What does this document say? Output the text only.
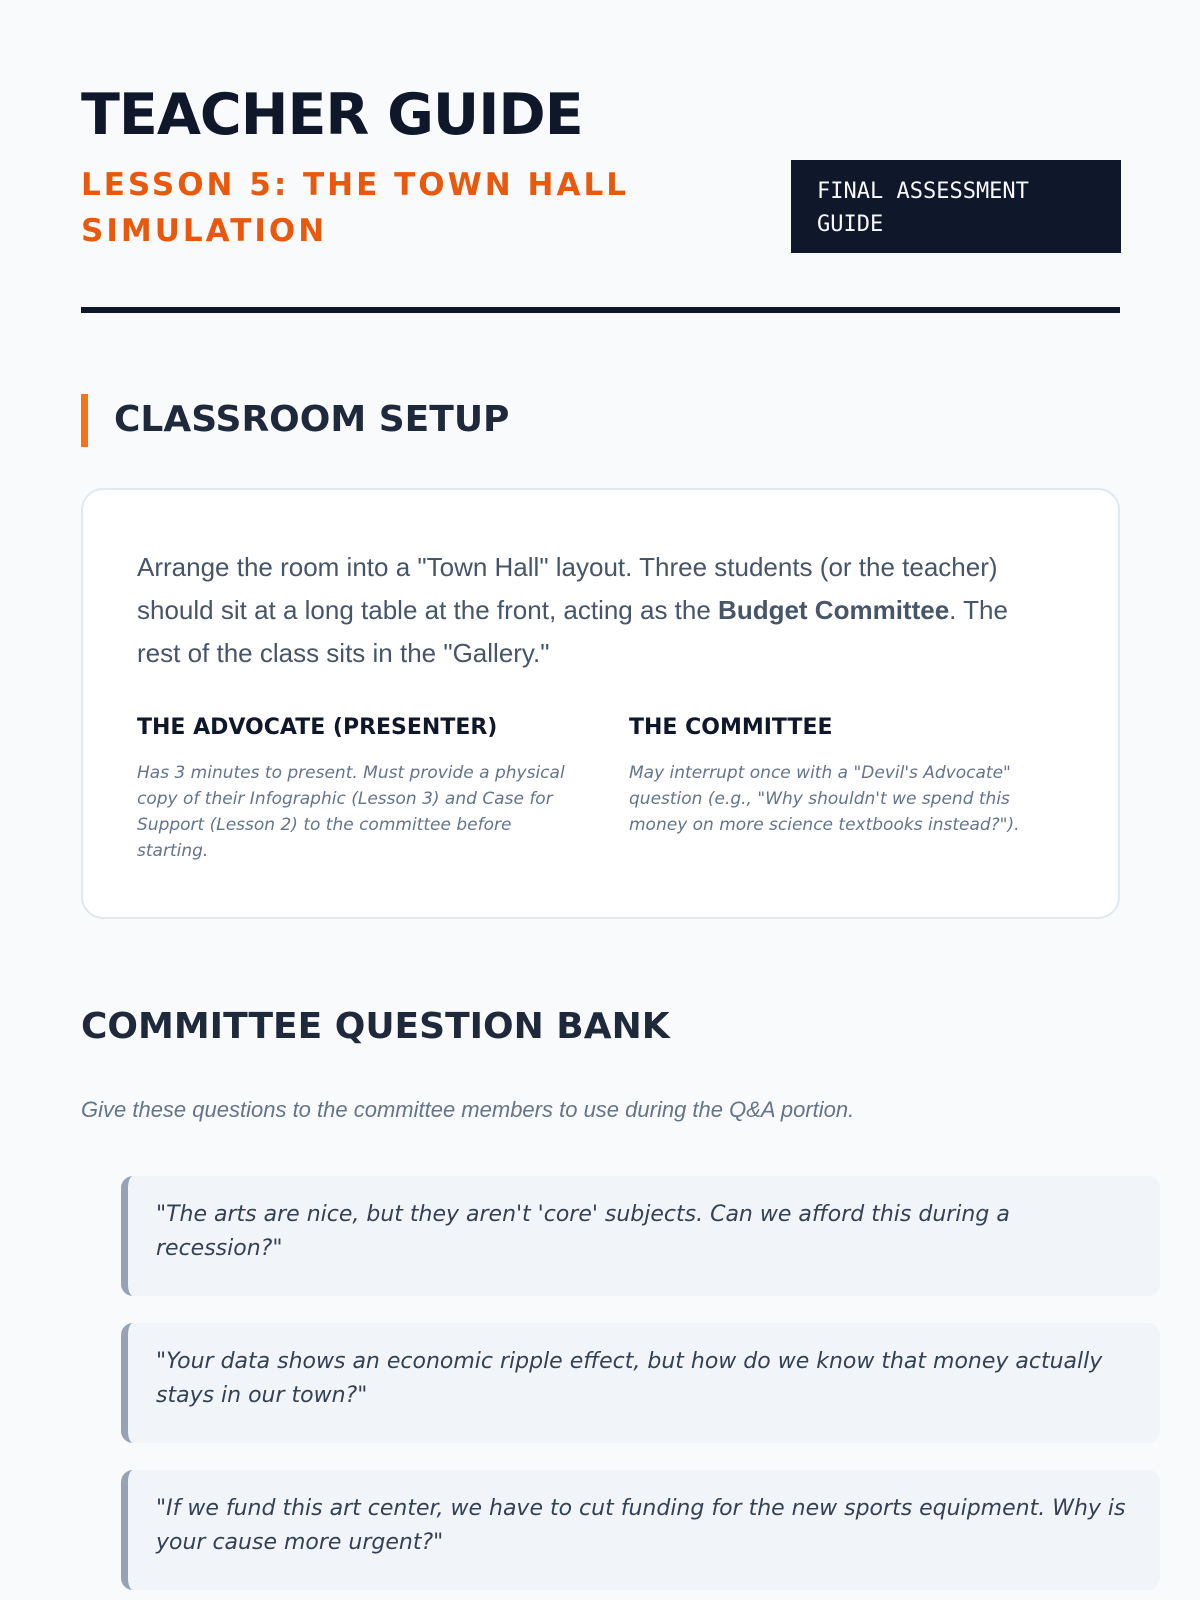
TEACHER GUIDE
LESSON 5: THE TOWN HALL SIMULATION
FINAL ASSESSMENT GUIDE
CLASSROOM SETUP

Arrange the room into a "Town Hall" layout. Three students (or the teacher) should sit at a long table at the front, acting as the Budget Committee. The rest of the class sits in the "Gallery."

THE ADVOCATE (PRESENTER)

Has 3 minutes to present. Must provide a physical copy of their Infographic (Lesson 3) and Case for Support (Lesson 2) to the committee before starting.

THE COMMITTEE

May interrupt once with a "Devil's Advocate" question (e.g., "Why shouldn't we spend this money on more science textbooks instead?").

COMMITTEE QUESTION BANK

Give these questions to the committee members to use during the Q&A portion.

"The arts are nice, but they aren't 'core' subjects. Can we afford this during a recession?"
"Your data shows an economic ripple effect, but how do we know that money actually stays in our town?"
"If we fund this art center, we have to cut funding for the new sports equipment. Why is your cause more urgent?"
